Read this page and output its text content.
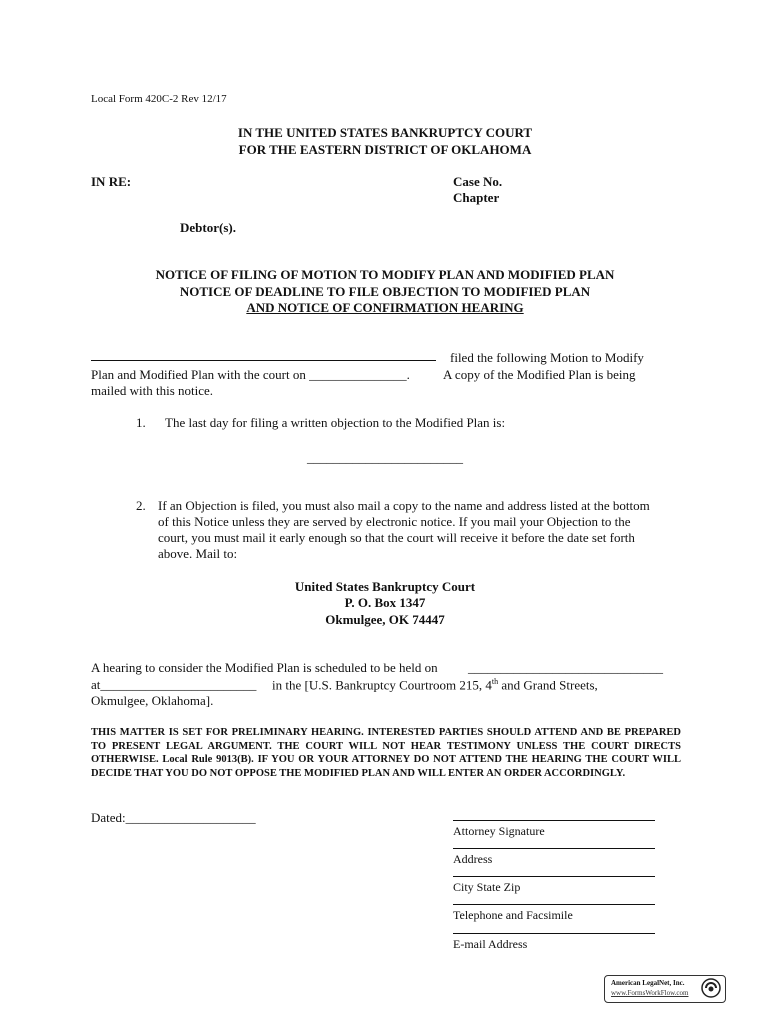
Local Form 420C-2 Rev 12/17
IN THE UNITED STATES BANKRUPTCY COURT
FOR THE EASTERN DISTRICT OF OKLAHOMA
IN RE:	Case No.
Chapter
Debtor(s).
NOTICE OF FILING OF MOTION TO MODIFY PLAN AND MODIFIED PLAN
NOTICE OF DEADLINE TO FILE OBJECTION TO MODIFIED PLAN
AND NOTICE OF CONFIRMATION HEARING
filed the following Motion to Modify
Plan and Modified Plan with the court on _______________.	A copy of the Modified Plan is being
mailed with this notice.
1. The last day for filing a written objection to the Modified Plan is:
________________________
2. If an Objection is filed, you must also mail a copy to the name and address listed at the bottom
of this Notice unless they are served by electronic notice. If you mail your Objection to the
court, you must mail it early enough so that the court will receive it before the date set forth
above. Mail to:
United States Bankruptcy Court
P. O. Box 1347
Okmulgee, OK 74447
A hearing to consider the Modified Plan is scheduled to be held on ______________________________
at________________________ in the [U.S. Bankruptcy Courtroom 215, 4th and Grand Streets,
Okmulgee, Oklahoma].
THIS MATTER IS SET FOR PRELIMINARY HEARING. INTERESTED PARTIES SHOULD ATTEND AND BE PREPARED TO PRESENT LEGAL ARGUMENT. THE COURT WILL NOT HEAR TESTIMONY UNLESS THE COURT DIRECTS OTHERWISE. Local Rule 9013(B). IF YOU OR YOUR ATTORNEY DO NOT ATTEND THE HEARING THE COURT WILL DECIDE THAT YOU DO NOT OPPOSE THE MODIFIED PLAN AND WILL ENTER AN ORDER ACCORDINGLY.
Dated:____________________
Attorney Signature
Address
City State Zip
Telephone and Facsimile
E-mail Address
American LegalNet, Inc.
www.FormsWorkFlow.com
